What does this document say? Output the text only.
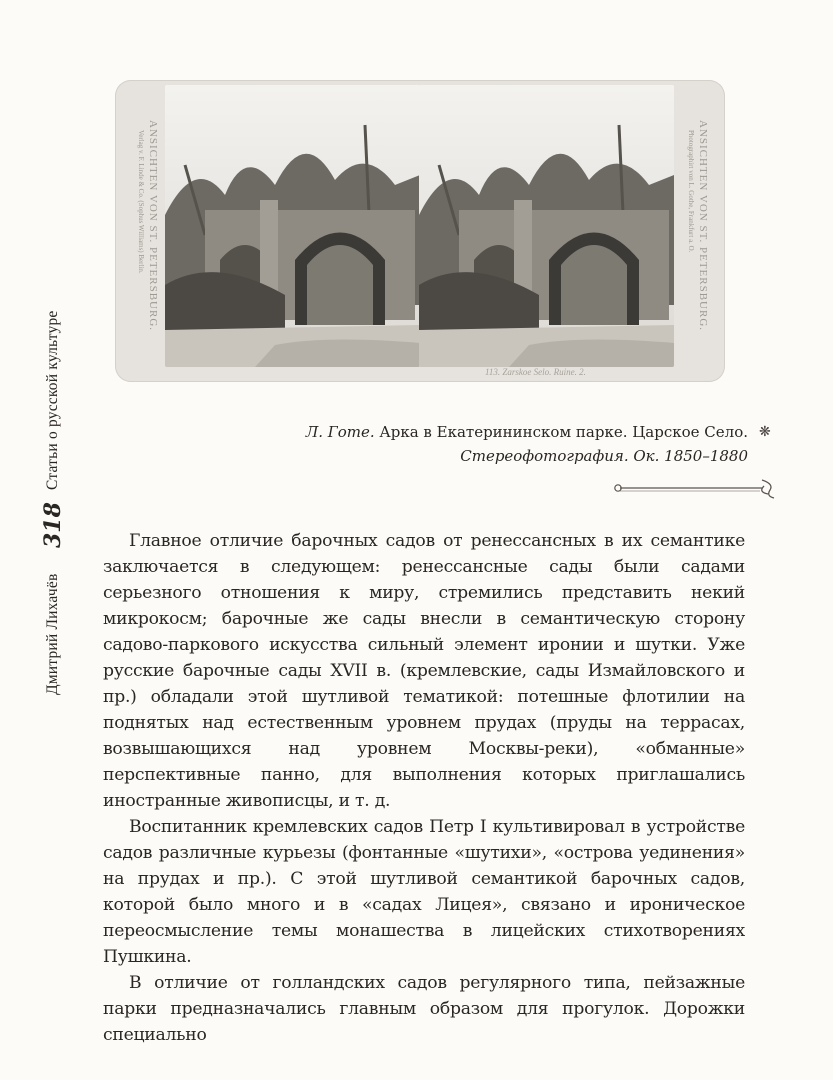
Статьи о русской культуре
318
Дмитрий Лихачёв
ANSICHTEN VON ST. PETERSBURG.
Verlag v. F. Linde & Co. (Sophus Williams) Berlin.	ANSICHTEN VON ST. PETERSBURG.
Photographirt von L. Gothe, Frankfurt a. O.
113. Zarskoe Selo. Ruine. 2.
Л. Готе. Арка в Екатерининском парке. Царское Село.
Стереофотография. Ок. 1850–1880
❋

Главное отличие барочных садов от ренессансных в их семантике заключается в следующем: ренессансные сады были садами серьезного отношения к миру, стремились представить некий микрокосм; барочные же сады внесли в семантическую сторону садово-паркового искусства сильный элемент иронии и шутки. Уже русские барочные сады XVII в. (кремлевские, сады Измайловского и пр.) обладали этой шутливой тематикой: потешные флотилии на поднятых над естественным уровнем прудах (пруды на террасах, возвышающихся над уровнем Москвы-реки), «обманные» перспективные панно, для выполнения которых приглашались иностранные живописцы, и т. д.

Воспитанник кремлевских садов Петр I культивировал в устройстве садов различные курьезы (фонтанные «шутихи», «острова уединения» на прудах и пр.). С этой шутливой семантикой барочных садов, которой было много и в «садах Лицея», связано и ироническое переосмысление темы монашества в лицейских стихотворениях Пушкина.

В отличие от голландских садов регулярного типа, пейзажные парки предназначались главным образом для прогулок. Дорожки специально
